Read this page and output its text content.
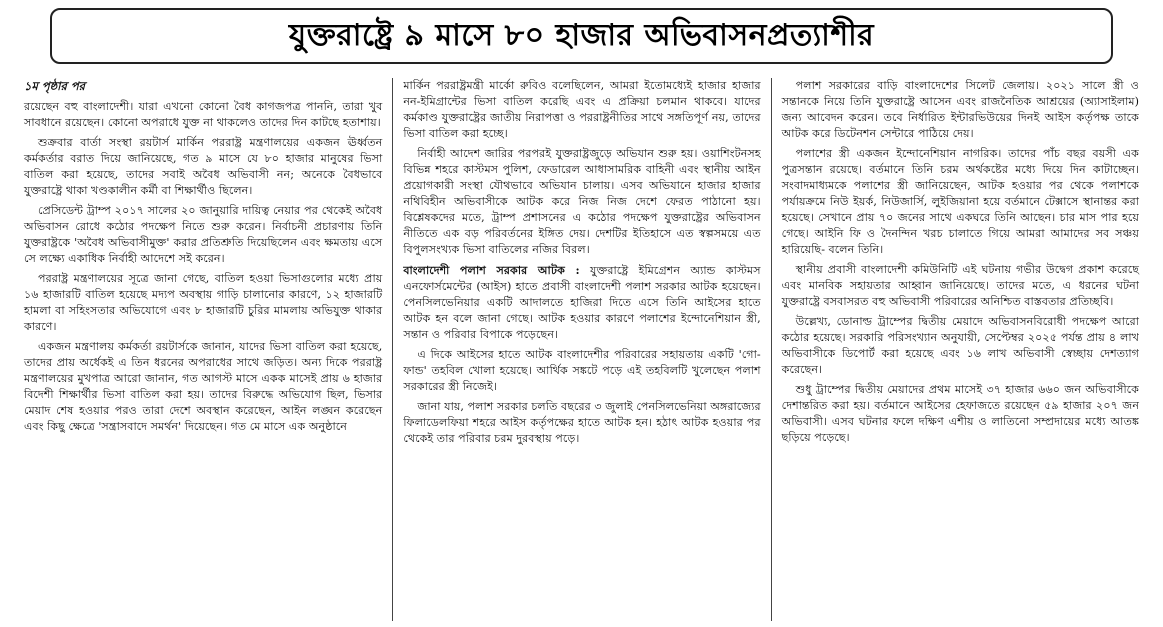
যুক্তরাষ্ট্রে ৯ মাসে ৮০ হাজার অভিবাসনপ্রত্যাশীর

১ম পৃষ্ঠার পর

রয়েছেন বহু বাংলাদেশী। যারা এখনো কোনো বৈধ কাগজপত্র পাননি, তারা খুব সাবধানে রয়েছেন। কোনো অপরাধে যুক্ত না থাকলেও তাদের দিন কাটছে হতাশায়।

শুক্রবার বার্তা সংস্থা রয়টার্স মার্কিন পররাষ্ট্র মন্ত্রণালয়ের একজন ঊর্ধ্বতন কর্মকর্তার বরাত দিয়ে জানিয়েছে, গত ৯ মাসে যে ৮০ হাজার মানুষের ভিসা বাতিল করা হয়েছে, তাদের সবাই অবৈধ অভিবাসী নন; অনেকে বৈধভাবে যুক্তরাষ্ট্রে থাকা খণ্ডকালীন কর্মী বা শিক্ষার্থীও ছিলেন।

প্রেসিডেন্ট ট্রাম্প ২০১৭ সালের ২০ জানুয়ারি দায়িত্ব নেয়ার পর থেকেই অবৈধ অভিবাসন রোধে কঠোর পদক্ষেপ নিতে শুরু করেন। নির্বাচনী প্রচারণায় তিনি যুক্তরাষ্ট্রকে 'অবৈধ অভিবাসীমুক্ত' করার প্রতিশ্রুতি দিয়েছিলেন এবং ক্ষমতায় এসে সে লক্ষ্যে একাধিক নির্বাহী আদেশে সই করেন।

পররাষ্ট্র মন্ত্রণালয়ের সূত্রে জানা গেছে, বাতিল হওয়া ভিসাগুলোর মধ্যে প্রায় ১৬ হাজারটি বাতিল হয়েছে মদ্যপ অবস্থায় গাড়ি চালানোর কারণে, ১২ হাজারটি হামলা বা সহিংসতার অভিযোগে এবং ৮ হাজারটি চুরির মামলায় অভিযুক্ত থাকার কারণে।

একজন মন্ত্রণালয় কর্মকর্তা রয়টার্সকে জানান, যাদের ভিসা বাতিল করা হয়েছে, তাদের প্রায় অর্ধেকই এ তিন ধরনের অপরাধের সাথে জড়িত। অন্য দিকে পররাষ্ট্র মন্ত্রণালয়ের মুখপাত্র আরো জানান, গত আগস্ট মাসে একক মাসেই প্রায় ৬ হাজার বিদেশী শিক্ষার্থীর ভিসা বাতিল করা হয়। তাদের বিরুদ্ধে অভিযোগ ছিল, ভিসার মেয়াদ শেষ হওয়ার পরও তারা দেশে অবস্থান করেছেন, আইন লঙ্ঘন করেছেন এবং কিছু ক্ষেত্রে 'সন্ত্রাসবাদে সমর্থন' দিয়েছেন। গত মে মাসে এক অনুষ্ঠানে

মার্কিন পররাষ্ট্রমন্ত্রী মার্কো রুবিও বলেছিলেন, আমরা ইতোমধ্যেই হাজার হাজার নন-ইমিগ্রান্টের ভিসা বাতিল করেছি এবং এ প্রক্রিয়া চলমান থাকবে। যাদের কর্মকাণ্ড যুক্তরাষ্ট্রের জাতীয় নিরাপত্তা ও পররাষ্ট্রনীতির সাথে সঙ্গতিপূর্ণ নয়, তাদের ভিসা বাতিল করা হচ্ছে।

নির্বাহী আদেশ জারির পরপরই যুক্তরাষ্ট্রজুড়ে অভিযান শুরু হয়। ওয়াশিংটনসহ বিভিন্ন শহরে কাস্টমস পুলিশ, ফেডারেল আধাসামরিক বাহিনী এবং স্থানীয় আইন প্রয়োগকারী সংস্থা যৌথভাবে অভিযান চালায়। এসব অভিযানে হাজার হাজার নথিবিহীন অভিবাসীকে আটক করে নিজ নিজ দেশে ফেরত পাঠানো হয়। বিশ্লেষকদের মতে, ট্রাম্প প্রশাসনের এ কঠোর পদক্ষেপ যুক্তরাষ্ট্রের অভিবাসন নীতিতে এক বড় পরিবর্তনের ইঙ্গিত দেয়। দেশটির ইতিহাসে এত স্বল্পসময়ে এত বিপুলসংখ্যক ভিসা বাতিলের নজির বিরল।

বাংলাদেশী পলাশ সরকার আটক : যুক্তরাষ্ট্রে ইমিগ্রেশন অ্যান্ড কাস্টমস এনফোর্সমেন্টের (আইস) হাতে প্রবাসী বাংলাদেশী পলাশ সরকার আটক হয়েছেন। পেনসিলভেনিয়ার একটি আদালতে হাজিরা দিতে এসে তিনি আইসের হাতে আটক হন বলে জানা গেছে। আটক হওয়ার কারণে পলাশের ইন্দোনেশিয়ান স্ত্রী, সন্তান ও পরিবার বিপাকে পড়েছেন।

এ দিকে আইসের হাতে আটক বাংলাদেশীর পরিবারের সহায়তায় একটি 'গো-ফান্ড' তহবিল খোলা হয়েছে। আর্থিক সঙ্কটে পড়ে এই তহবিলটি খুলেছেন পলাশ সরকারের স্ত্রী নিজেই।

জানা যায়, পলাশ সরকার চলতি বছরের ৩ জুলাই পেনসিলভেনিয়া অঙ্গরাজ্যের ফিলাডেলফিয়া শহরে আইস কর্তৃপক্ষের হাতে আটক হন। হঠাৎ আটক হওয়ার পর থেকেই তার পরিবার চরম দুরবস্থায় পড়ে।

পলাশ সরকারের বাড়ি বাংলাদেশের সিলেট জেলায়। ২০২১ সালে স্ত্রী ও সন্তানকে নিয়ে তিনি যুক্তরাষ্ট্রে আসেন এবং রাজনৈতিক আশ্রয়ের (অ্যাসাইলাম) জন্য আবেদন করেন। তবে নির্ধারিত ইন্টারভিউয়ের দিনই আইস কর্তৃপক্ষ তাকে আটক করে ডিটেনশন সেন্টারে পাঠিয়ে দেয়।

পলাশের স্ত্রী একজন ইন্দোনেশিয়ান নাগরিক। তাদের পাঁচ বছর বয়সী এক পুত্রসন্তান রয়েছে। বর্তমানে তিনি চরম অর্থকষ্টের মধ্যে দিয়ে দিন কাটাচ্ছেন। সংবাদমাধ্যমকে পলাশের স্ত্রী জানিয়েছেন, আটক হওয়ার পর থেকে পলাশকে পর্যায়ক্রমে নিউ ইয়র্ক, নিউজার্সি, লুইজিয়ানা হয়ে বর্তমানে টেক্সাসে স্থানান্তর করা হয়েছে। সেখানে প্রায় ৭০ জনের সাথে একঘরে তিনি আছেন। চার মাস পার হয়ে গেছে। আইনি ফি ও দৈনন্দিন খরচ চালাতে গিয়ে আমরা আমাদের সব সঞ্চয় হারিয়েছি- বলেন তিনি।

স্থানীয় প্রবাসী বাংলাদেশী কমিউনিটি এই ঘটনায় গভীর উদ্বেগ প্রকাশ করেছে এবং মানবিক সহায়তার আহ্বান জানিয়েছে। তাদের মতে, এ ধরনের ঘটনা যুক্তরাষ্ট্রে বসবাসরত বহু অভিবাসী পরিবারের অনিশ্চিত বাস্তবতার প্রতিচ্ছবি।

উল্লেখ্য, ডোনাল্ড ট্রাম্পের দ্বিতীয় মেয়াদে অভিবাসনবিরোধী পদক্ষেপ আরো কঠোর হয়েছে। সরকারি পরিসংখ্যান অনুযায়ী, সেপ্টেম্বর ২০২৫ পর্যন্ত প্রায় ৪ লাখ অভিবাসীকে ডিপোর্ট করা হয়েছে এবং ১৬ লাখ অভিবাসী স্বেচ্ছায় দেশত্যাগ করেছেন।

শুধু ট্রাম্পের দ্বিতীয় মেয়াদের প্রথম মাসেই ৩৭ হাজার ৬৬০ জন অভিবাসীকে দেশান্তরিত করা হয়। বর্তমানে আইসের হেফাজতে রয়েছেন ৫৯ হাজার ২০৭ জন অভিবাসী। এসব ঘটনার ফলে দক্ষিণ এশীয় ও লাতিনো সম্প্রদায়ের মধ্যে আতঙ্ক ছড়িয়ে পড়েছে।
